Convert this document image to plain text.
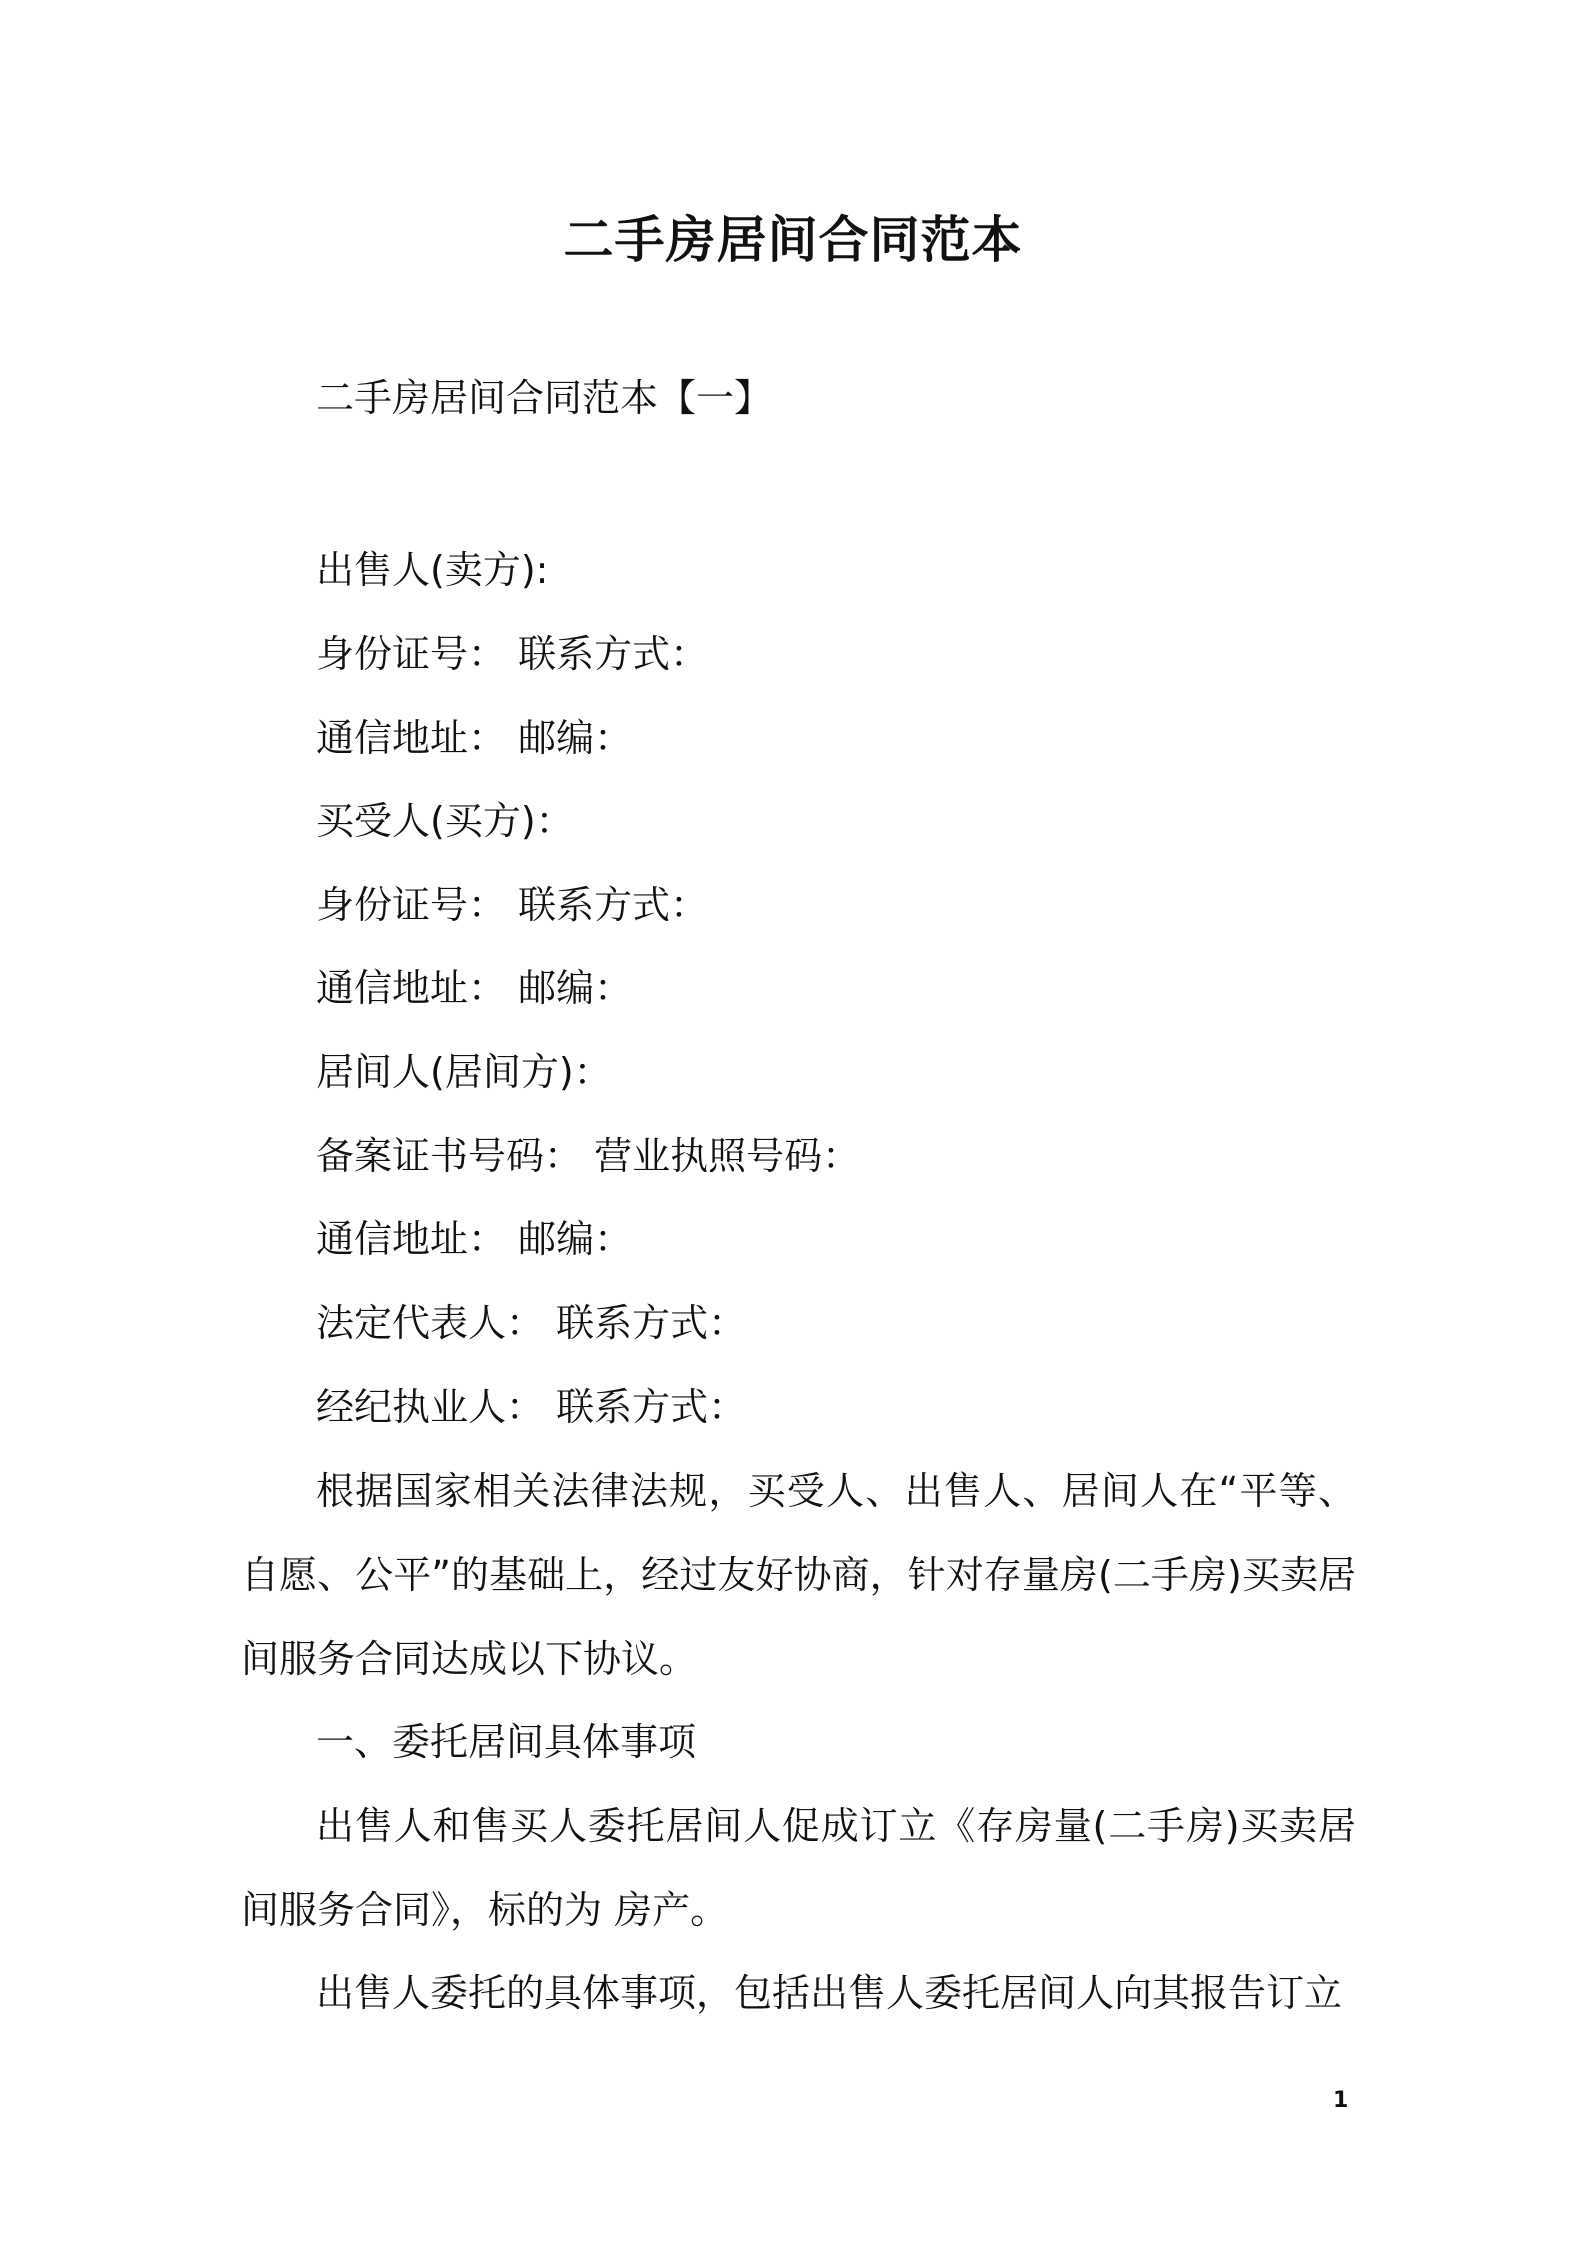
二手房居间合同范本
二手房居间合同范本【一】
出售人(卖方):
身份证号： 联系方式：
通信地址： 邮编：
买受人(买方)：
身份证号： 联系方式：
通信地址： 邮编：
居间人(居间方)：
备案证书号码： 营业执照号码：
通信地址： 邮编：
法定代表人： 联系方式：
经纪执业人： 联系方式：
根据国家相关法律法规，买受人、出售人、居间人在“平等、自愿、公平”的基础上，经过友好协商，针对存量房(二手房)买卖居间服务合同达成以下协议。
一、委托居间具体事项
出售人和售买人委托居间人促成订立《存房量(二手房)买卖居间服务合同》，标的为 房产。
出售人委托的具体事项，包括出售人委托居间人向其报告订立
1
